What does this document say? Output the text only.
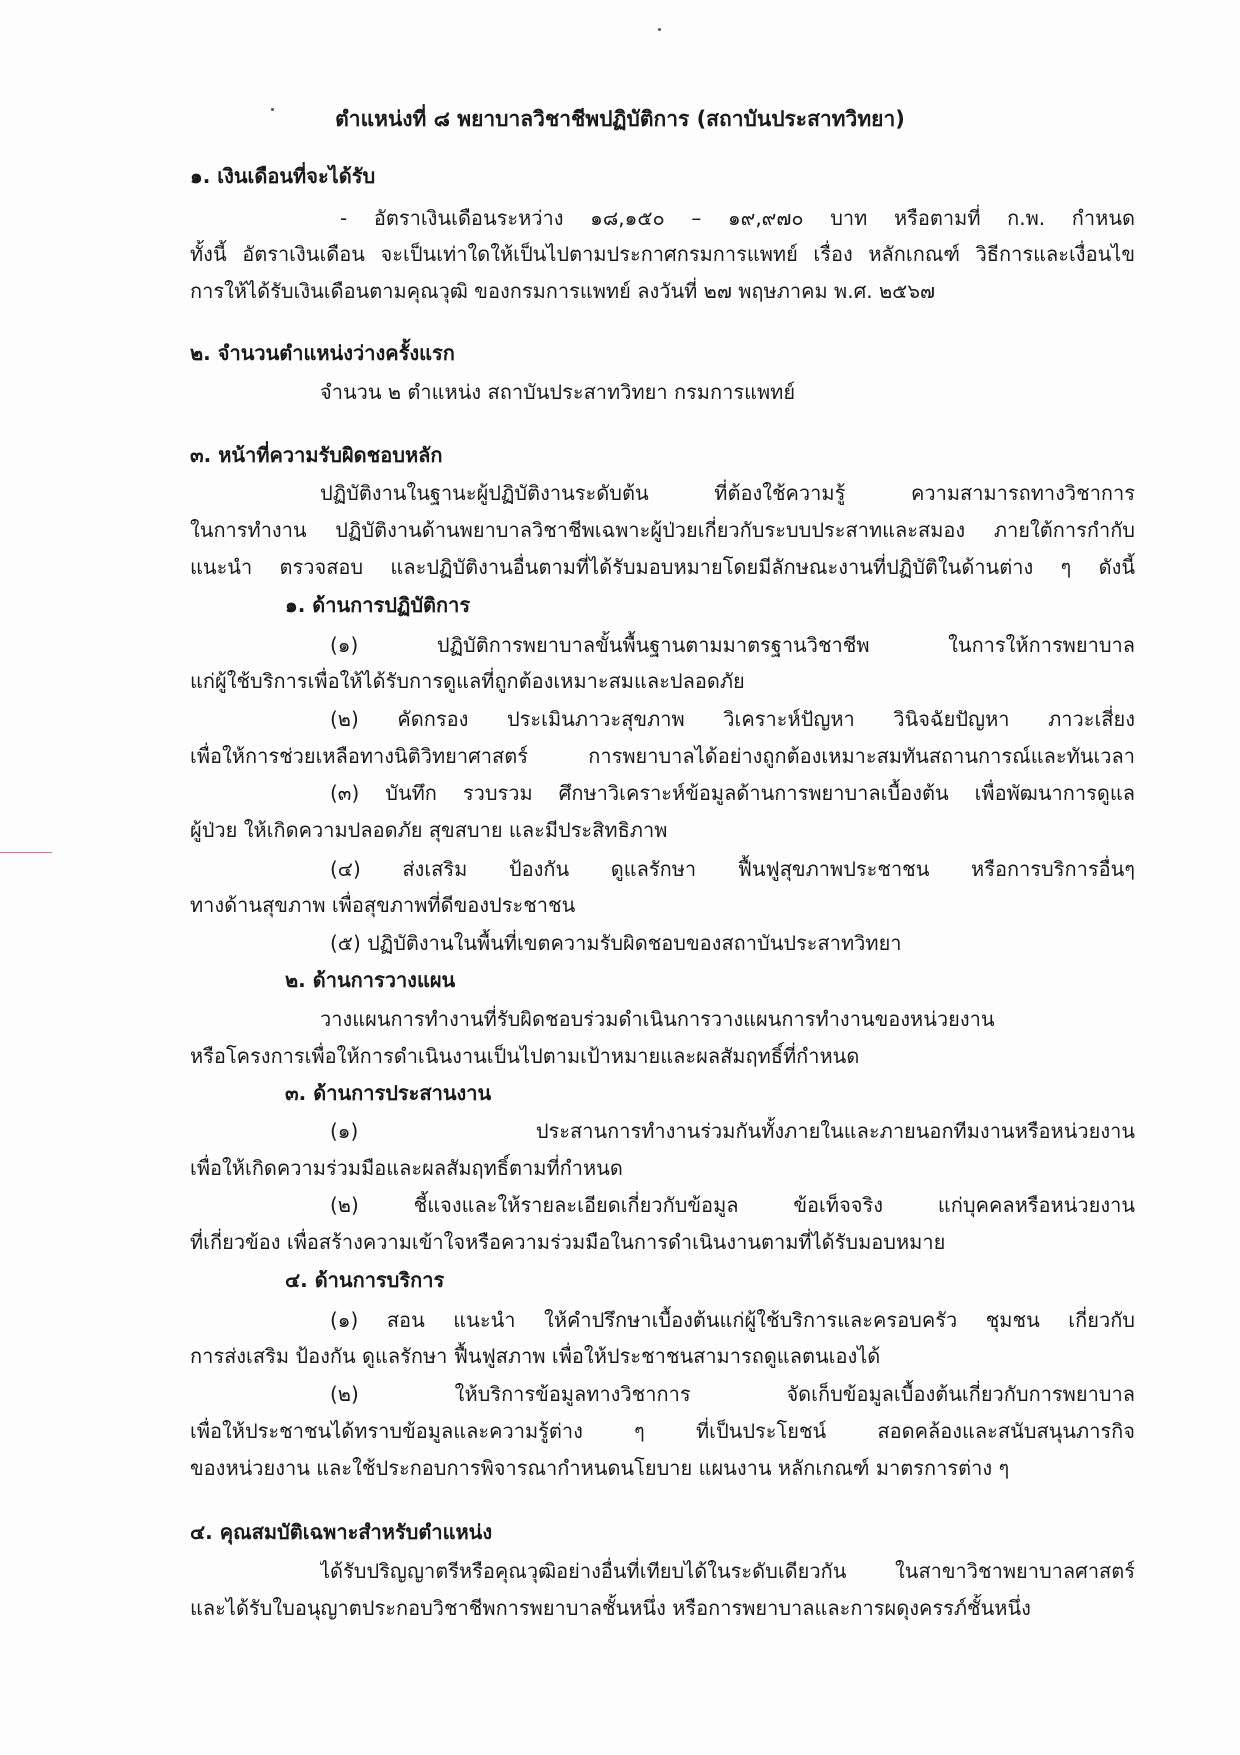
ตำแหน่งที่ ๘ พยาบาลวิชาชีพปฏิบัติการ (สถาบันประสาทวิทยา)
๑. เงินเดือนที่จะได้รับ
- อัตราเงินเดือนระหว่าง ๑๘,๑๕๐ – ๑๙,๙๗๐ บาท หรือตามที่ ก.พ. กำหนด
ทั้งนี้ อัตราเงินเดือน จะเป็นเท่าใดให้เป็นไปตามประกาศกรมการแพทย์ เรื่อง หลักเกณฑ์ วิธีการและเงื่อนไข
การให้ได้รับเงินเดือนตามคุณวุฒิ ของกรมการแพทย์ ลงวันที่ ๒๗ พฤษภาคม พ.ศ. ๒๕๖๗
๒. จำนวนตำแหน่งว่างครั้งแรก
จำนวน ๒ ตำแหน่ง สถาบันประสาทวิทยา กรมการแพทย์
๓. หน้าที่ความรับผิดชอบหลัก
ปฏิบัติงานในฐานะผู้ปฏิบัติงานระดับต้น ที่ต้องใช้ความรู้ ความสามารถทางวิชาการ
ในการทำงาน ปฏิบัติงานด้านพยาบาลวิชาชีพเฉพาะผู้ป่วยเกี่ยวกับระบบประสาทและสมอง ภายใต้การกำกับ
แนะนำ ตรวจสอบ และปฏิบัติงานอื่นตามที่ได้รับมอบหมายโดยมีลักษณะงานที่ปฏิบัติในด้านต่าง ๆ ดังนี้
๑. ด้านการปฏิบัติการ
(๑) ปฏิบัติการพยาบาลขั้นพื้นฐานตามมาตรฐานวิชาชีพ ในการให้การพยาบาล
แก่ผู้ใช้บริการเพื่อให้ได้รับการดูแลที่ถูกต้องเหมาะสมและปลอดภัย
(๒) คัดกรอง ประเมินภาวะสุขภาพ วิเคราะห์ปัญหา วินิจฉัยปัญหา ภาวะเสี่ยง
เพื่อให้การช่วยเหลือทางนิติวิทยาศาสตร์ การพยาบาลได้อย่างถูกต้องเหมาะสมทันสถานการณ์และทันเวลา
(๓) บันทึก รวบรวม ศึกษาวิเคราะห์ข้อมูลด้านการพยาบาลเบื้องต้น เพื่อพัฒนาการดูแล
ผู้ป่วย ให้เกิดความปลอดภัย สุขสบาย และมีประสิทธิภาพ
(๔) ส่งเสริม ป้องกัน ดูแลรักษา ฟื้นฟูสุขภาพประชาชน หรือการบริการอื่นๆ
ทางด้านสุขภาพ เพื่อสุขภาพที่ดีของประชาชน
(๕) ปฏิบัติงานในพื้นที่เขตความรับผิดชอบของสถาบันประสาทวิทยา
๒. ด้านการวางแผน
วางแผนการทำงานที่รับผิดชอบร่วมดำเนินการวางแผนการทำงานของหน่วยงาน
หรือโครงการเพื่อให้การดำเนินงานเป็นไปตามเป้าหมายและผลสัมฤทธิ์ที่กำหนด
๓. ด้านการประสานงาน
(๑) ประสานการทำงานร่วมกันทั้งภายในและภายนอกทีมงานหรือหน่วยงาน
เพื่อให้เกิดความร่วมมือและผลสัมฤทธิ์ตามที่กำหนด
(๒) ชี้แจงและให้รายละเอียดเกี่ยวกับข้อมูล ข้อเท็จจริง แก่บุคคลหรือหน่วยงาน
ที่เกี่ยวข้อง เพื่อสร้างความเข้าใจหรือความร่วมมือในการดำเนินงานตามที่ได้รับมอบหมาย
๔. ด้านการบริการ
(๑) สอน แนะนำ ให้คำปรึกษาเบื้องต้นแก่ผู้ใช้บริการและครอบครัว ชุมชน เกี่ยวกับ
การส่งเสริม ป้องกัน ดูแลรักษา ฟื้นฟูสภาพ เพื่อให้ประชาชนสามารถดูแลตนเองได้
(๒) ให้บริการข้อมูลทางวิชาการ จัดเก็บข้อมูลเบื้องต้นเกี่ยวกับการพยาบาล
เพื่อให้ประชาชนได้ทราบข้อมูลและความรู้ต่าง ๆ ที่เป็นประโยชน์ สอดคล้องและสนับสนุนภารกิจ
ของหน่วยงาน และใช้ประกอบการพิจารณากำหนดนโยบาย แผนงาน หลักเกณฑ์ มาตรการต่าง ๆ
๔. คุณสมบัติเฉพาะสำหรับตำแหน่ง
ได้รับปริญญาตรีหรือคุณวุฒิอย่างอื่นที่เทียบได้ในระดับเดียวกัน ในสาขาวิชาพยาบาลศาสตร์
และได้รับใบอนุญาตประกอบวิชาชีพการพยาบาลชั้นหนึ่ง หรือการพยาบาลและการผดุงครรภ์ชั้นหนึ่ง
